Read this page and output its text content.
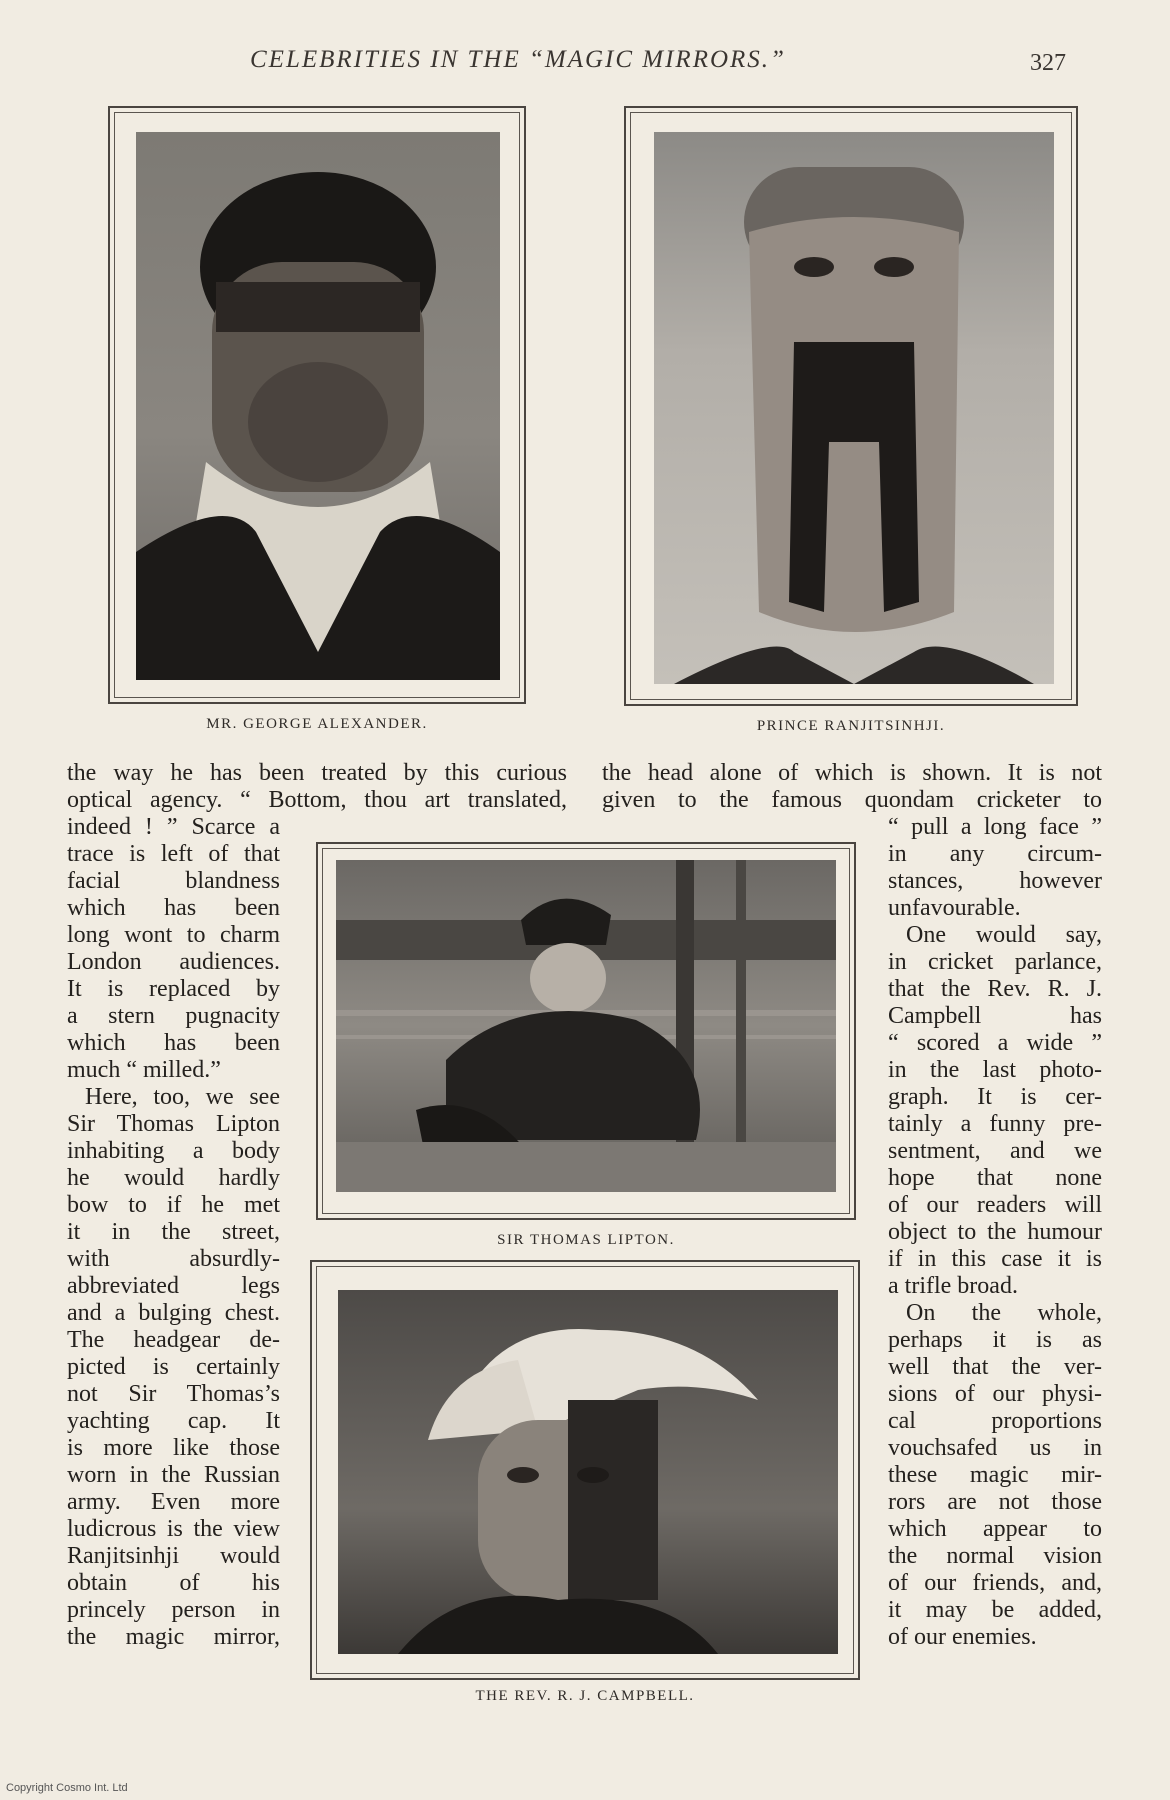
CELEBRITIES IN THE “MAGIC MIRRORS.”	327
MR. GEORGE ALEXANDER.	PRINCE RANJITSINHJI.
the way he has been treated by this curious
optical agency. “ Bottom, thou art translated,
the head alone of which is shown. It is not
given to the famous quondam cricketer to
indeed ! ” Scarce a
trace is left of that
facial blandness
which has been
long wont to charm
London audiences.
It is replaced by
a stern pugnacity
which has been
much “ milled.”
Here, too, we see
Sir Thomas Lipton
inhabiting a body
he would hardly
bow to if he met
it in the street,
with absurdly-
abbreviated legs
and a bulging chest.
The headgear de-
picted is certainly
not Sir Thomas’s
yachting cap. It
is more like those
worn in the Russian
army. Even more
ludicrous is the view
Ranjitsinhji would
obtain of his
princely person in
the magic mirror,
SIR THOMAS LIPTON.
THE REV. R. J. CAMPBELL.
“ pull a long face ”
in any circum-
stances, however
unfavourable.
One would say,
in cricket parlance,
that the Rev. R. J.
Campbell has
“ scored a wide ”
in the last photo-
graph. It is cer-
tainly a funny pre-
sentment, and we
hope that none
of our readers will
object to the humour
if in this case it is
a trifle broad.
On the whole,
perhaps it is as
well that the ver-
sions of our physi-
cal proportions
vouchsafed us in
these magic mir-
rors are not those
which appear to
the normal vision
of our friends, and,
it may be added,
of our enemies.
Copyright Cosmo Int. Ltd
